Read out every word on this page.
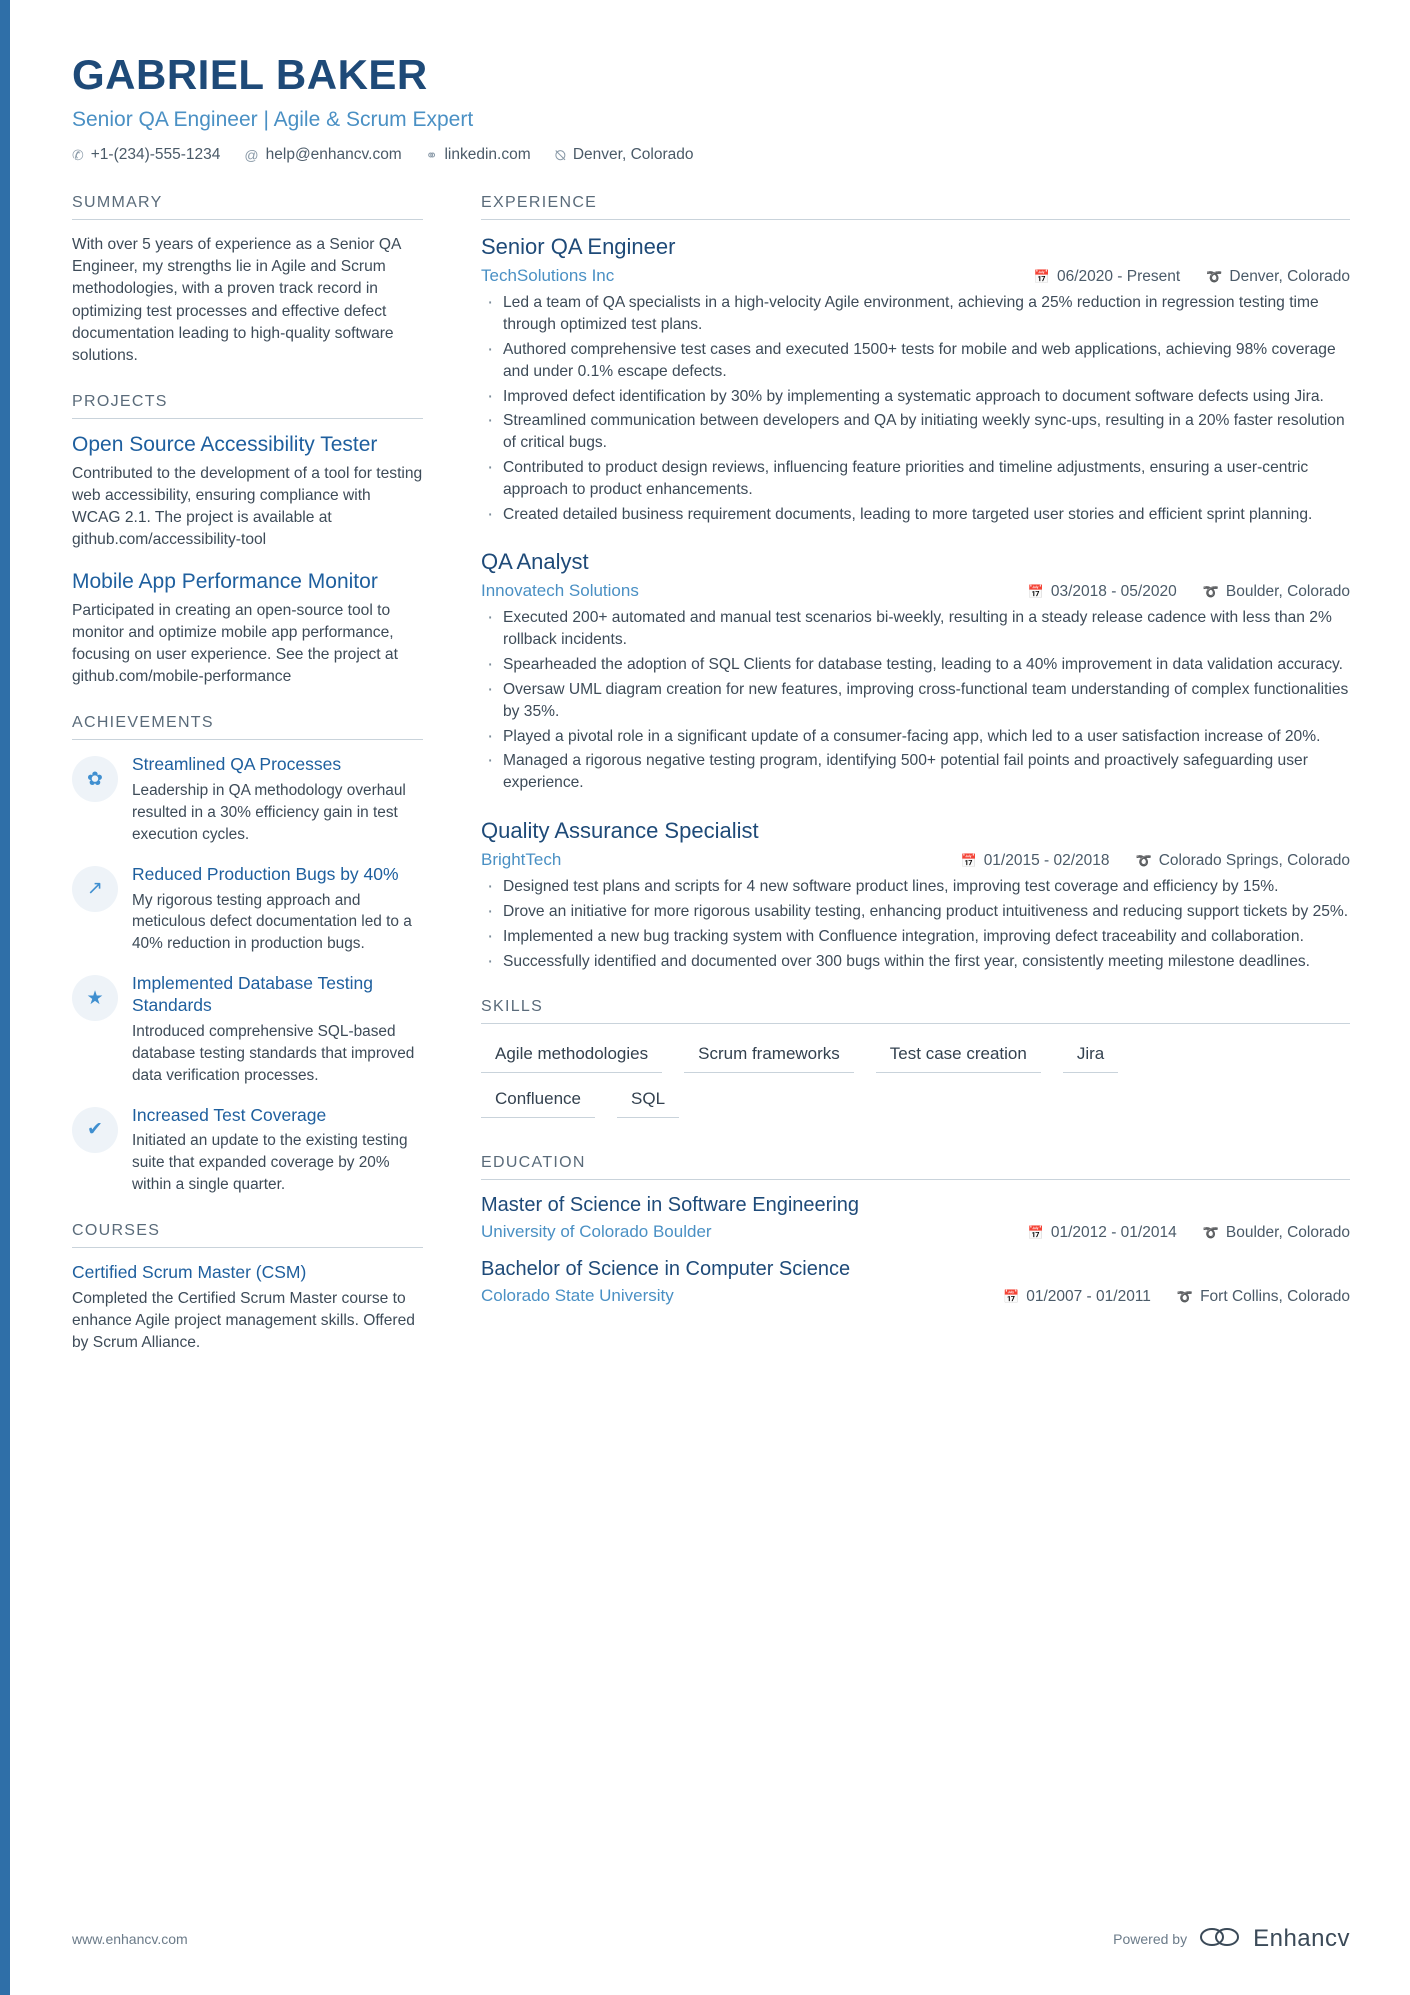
GABRIEL BAKER
Senior QA Engineer | Agile & Scrum Expert
✆ +1-(234)-555-1234 @ help@enhancv.com ⚭ linkedin.com ⦰ Denver, Colorado
SUMMARY
With over 5 years of experience as a Senior QA Engineer, my strengths lie in Agile and Scrum methodologies, with a proven track record in optimizing test processes and effective defect documentation leading to high-quality software solutions.
PROJECTS
Open Source Accessibility Tester
Contributed to the development of a tool for testing web accessibility, ensuring compliance with WCAG 2.1. The project is available at github.com/accessibility-tool
Mobile App Performance Monitor
Participated in creating an open-source tool to monitor and optimize mobile app performance, focusing on user experience. See the project at github.com/mobile-performance
ACHIEVEMENTS
✿
Streamlined QA Processes
Leadership in QA methodology overhaul resulted in a 30% efficiency gain in test execution cycles.
↗
Reduced Production Bugs by 40%
My rigorous testing approach and meticulous defect documentation led to a 40% reduction in production bugs.
★
Implemented Database Testing Standards
Introduced comprehensive SQL-based database testing standards that improved data verification processes.
✔
Increased Test Coverage
Initiated an update to the existing testing suite that expanded coverage by 20% within a single quarter.
COURSES
Certified Scrum Master (CSM)
Completed the Certified Scrum Master course to enhance Agile project management skills. Offered by Scrum Alliance.
EXPERIENCE
Senior QA Engineer
TechSolutions Inc	📅 06/2020 - Present ➰ Denver, Colorado
· Led a team of QA specialists in a high-velocity Agile environment, achieving a 25% reduction in regression testing time through optimized test plans.
· Authored comprehensive test cases and executed 1500+ tests for mobile and web applications, achieving 98% coverage and under 0.1% escape defects.
· Improved defect identification by 30% by implementing a systematic approach to document software defects using Jira.
· Streamlined communication between developers and QA by initiating weekly sync-ups, resulting in a 20% faster resolution of critical bugs.
· Contributed to product design reviews, influencing feature priorities and timeline adjustments, ensuring a user-centric approach to product enhancements.
· Created detailed business requirement documents, leading to more targeted user stories and efficient sprint planning.
QA Analyst
Innovatech Solutions	📅 03/2018 - 05/2020 ➰ Boulder, Colorado
· Executed 200+ automated and manual test scenarios bi-weekly, resulting in a steady release cadence with less than 2% rollback incidents.
· Spearheaded the adoption of SQL Clients for database testing, leading to a 40% improvement in data validation accuracy.
· Oversaw UML diagram creation for new features, improving cross-functional team understanding of complex functionalities by 35%.
· Played a pivotal role in a significant update of a consumer-facing app, which led to a user satisfaction increase of 20%.
· Managed a rigorous negative testing program, identifying 500+ potential fail points and proactively safeguarding user experience.
Quality Assurance Specialist
BrightTech	📅 01/2015 - 02/2018 ➰ Colorado Springs, Colorado
· Designed test plans and scripts for 4 new software product lines, improving test coverage and efficiency by 15%.
· Drove an initiative for more rigorous usability testing, enhancing product intuitiveness and reducing support tickets by 25%.
· Implemented a new bug tracking system with Confluence integration, improving defect traceability and collaboration.
· Successfully identified and documented over 300 bugs within the first year, consistently meeting milestone deadlines.
SKILLS
Agile methodologies	Scrum frameworks	Test case creation	Jira
Confluence	SQL
EDUCATION
Master of Science in Software Engineering
University of Colorado Boulder	📅 01/2012 - 01/2014 ➰ Boulder, Colorado
Bachelor of Science in Computer Science
Colorado State University	📅 01/2007 - 01/2011 ➰ Fort Collins, Colorado
www.enhancv.com	Powered by	Enhancv
